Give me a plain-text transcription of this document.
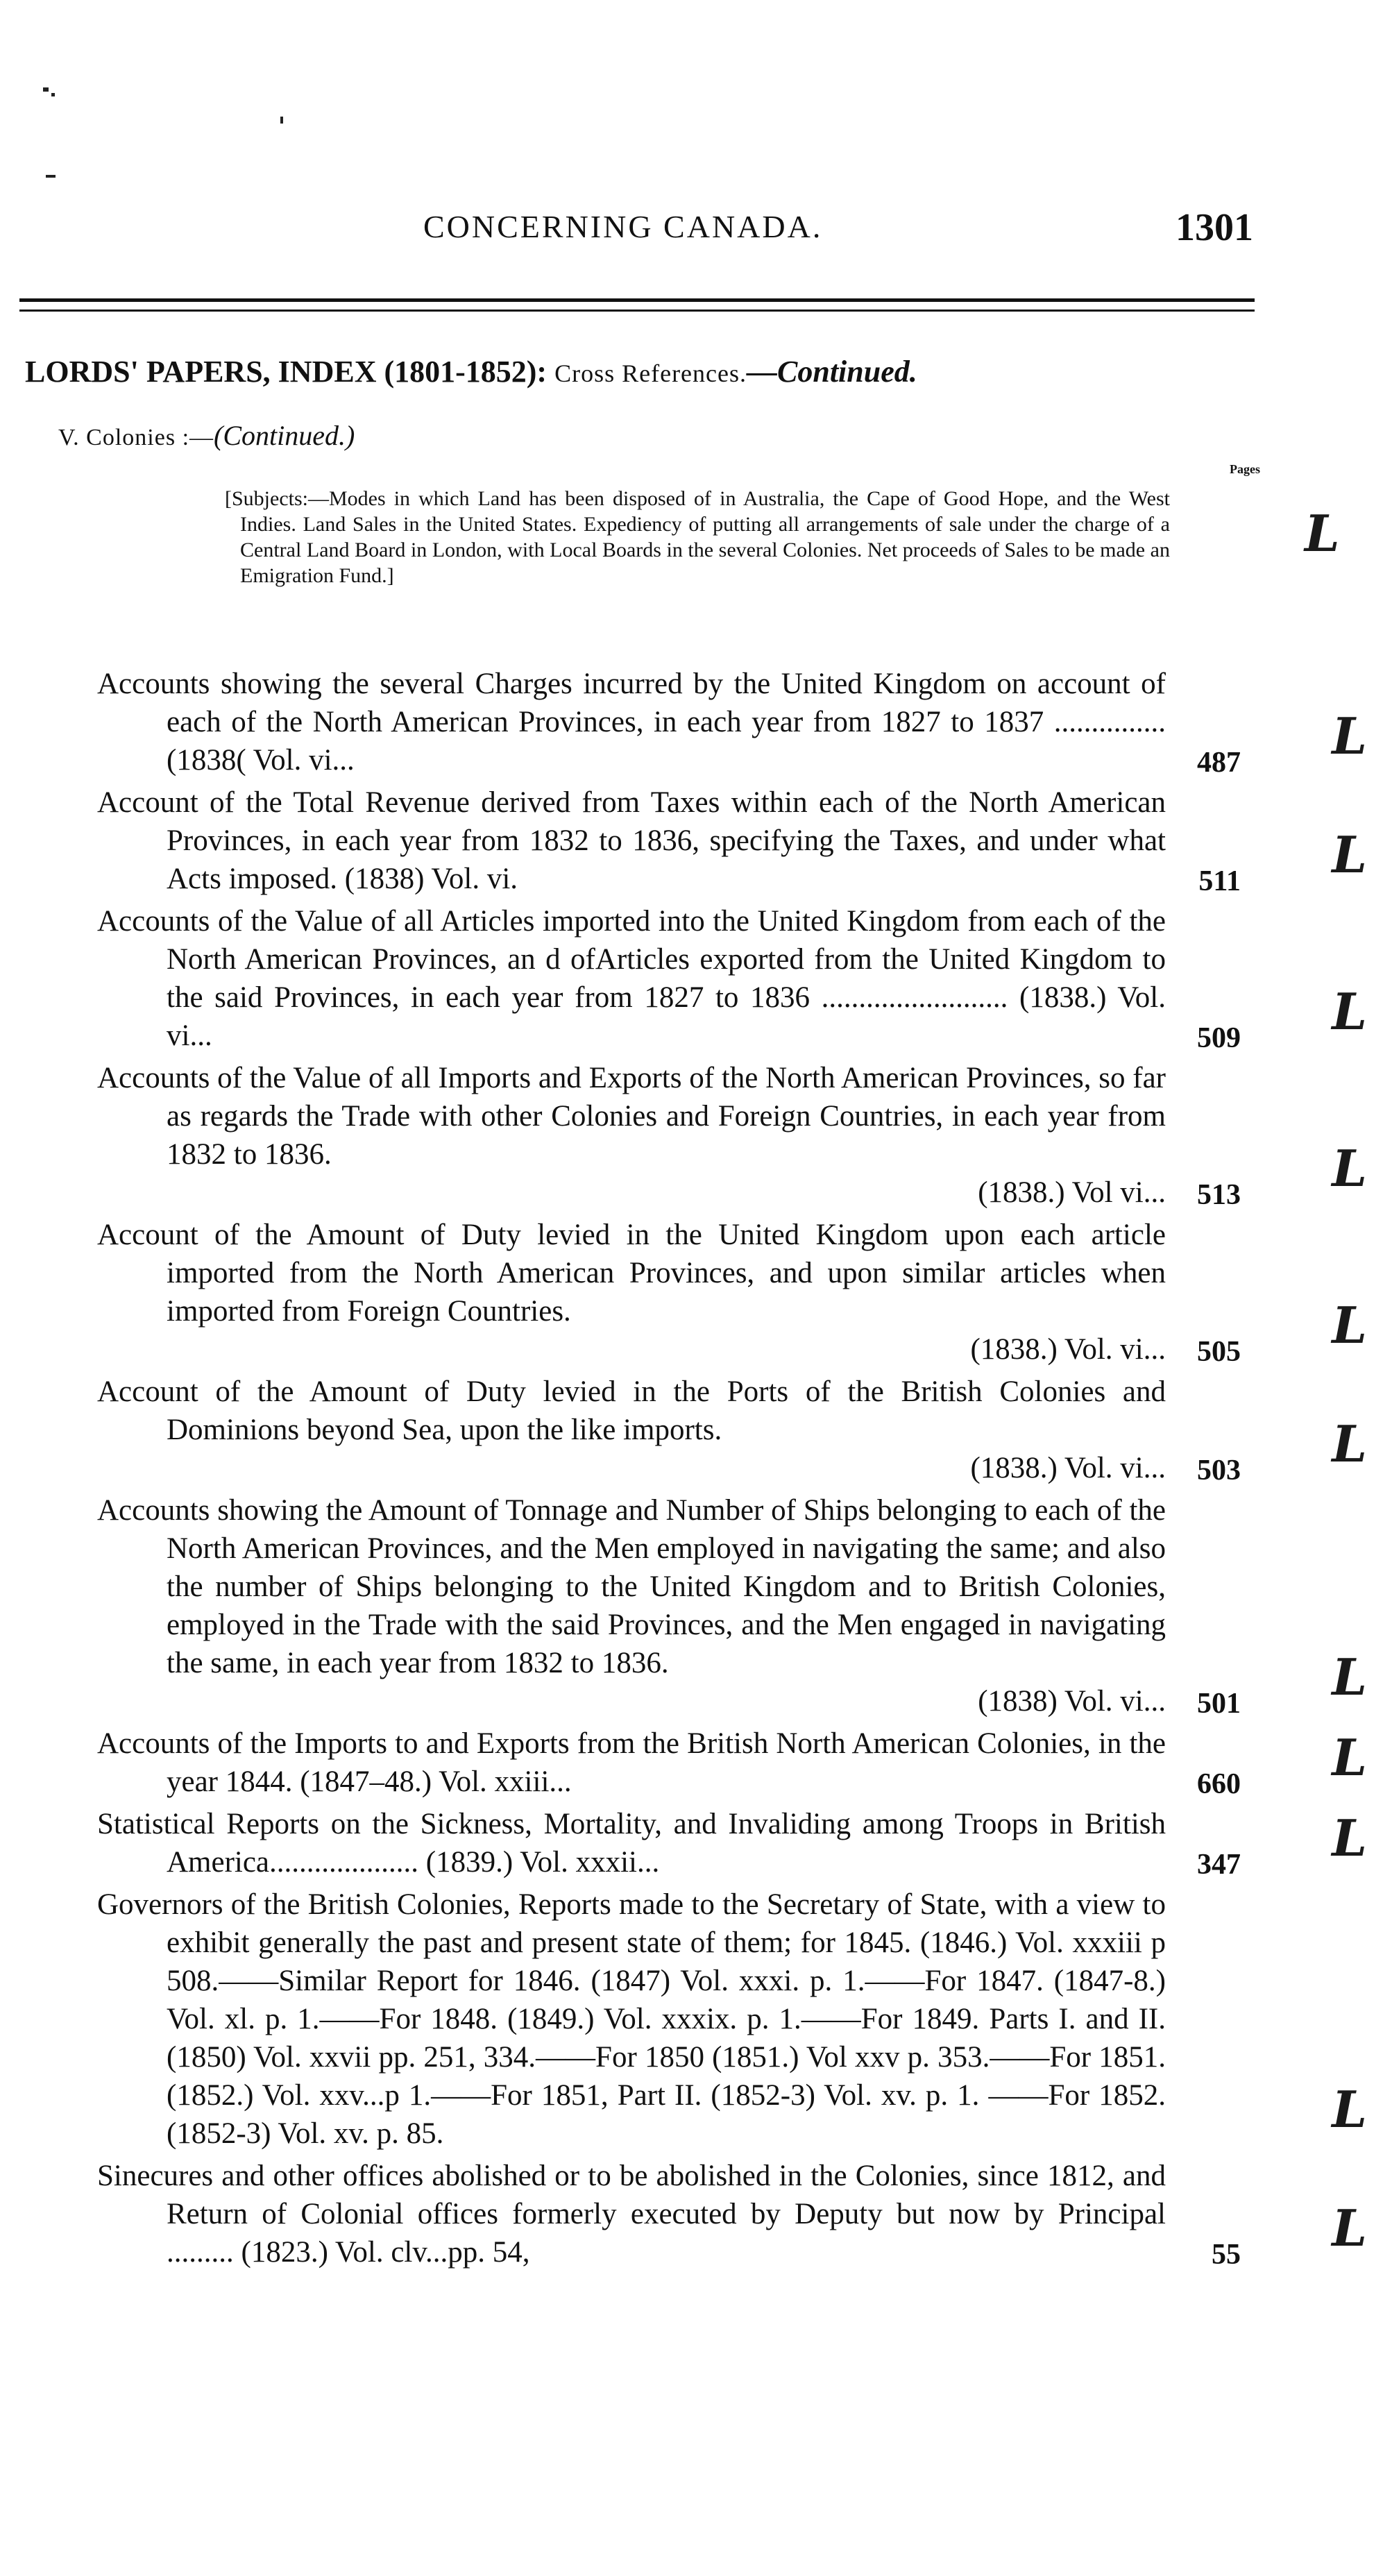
CONCERNING CANADA.	1301
LORDS' PAPERS, INDEX (1801-1852): Cross References.—Continued.
V. Colonies :—(Continued.)
Pages
[Subjects:—Modes in which Land has been disposed of in Australia, the Cape of Good Hope, and the West Indies. Land Sales in the United States. Expediency of putting all arrangements of sale under the charge of a Central Land Board in London, with Local Boards in the several Colonies. Net proceeds of Sales to be made an Emigration Fund.]
L
Accounts showing the several Charges incurred by the United Kingdom on account of each of the North American Provinces, in each year from 1827 to 1837 ............... (1838( Vol. vi...	487 L
Account of the Total Revenue derived from Taxes within each of the North American Provinces, in each year from 1832 to 1836, specifying the Taxes, and under what Acts imposed. (1838) Vol. vi.	511 L
Accounts of the Value of all Articles imported into the United Kingdom from each of the North American Provinces, an d ofArticles exported from the United Kingdom to the said Provinces, in each year from 1827 to 1836 ......................... (1838.) Vol. vi...	509 L
Accounts of the Value of all Imports and Exports of the North American Provinces, so far as regards the Trade with other Colonies and Foreign Countries, in each year from 1832 to 1836.
(1838.) Vol vi... 513 L
Account of the Amount of Duty levied in the United Kingdom upon each article imported from the North American Provinces, and upon similar articles when imported from Foreign Countries.
(1838.) Vol. vi... 505 L
Account of the Amount of Duty levied in the Ports of the British Colonies and Dominions beyond Sea, upon the like imports.
(1838.) Vol. vi... 503 L
Accounts showing the Amount of Tonnage and Number of Ships belonging to each of the North American Provinces, and the Men employed in navigating the same; and also the number of Ships belonging to the United Kingdom and to British Colonies, employed in the Trade with the said Provinces, and the Men engaged in navigating the same, in each year from 1832 to 1836.
(1838) Vol. vi... 501 L
Accounts of the Imports to and Exports from the British North American Colonies, in the year 1844. (1847–48.) Vol. xxiii...	660 L
Statistical Reports on the Sickness, Mortality, and Invaliding among Troops in British America.................... (1839.) Vol. xxxii...	347 L
Governors of the British Colonies, Reports made to the Secretary of State, with a view to exhibit generally the past and present state of them; for 1845. (1846.) Vol. xxxiii p 508.——Similar Report for 1846. (1847) Vol. xxxi. p. 1.——For 1847. (1847-8.) Vol. xl. p. 1.——For 1848. (1849.) Vol. xxxix. p. 1.——For 1849. Parts I. and II. (1850) Vol. xxvii pp. 251, 334.——For 1850 (1851.) Vol xxv p. 353.——For 1851. (1852.) Vol. xxv...p 1.——For 1851, Part II. (1852-3) Vol. xv. p. 1. ——For 1852. (1852-3) Vol. xv. p. 85.	L
Sinecures and other offices abolished or to be abolished in the Colonies, since 1812, and Return of Colonial offices formerly executed by Deputy but now by Principal ......... (1823.) Vol. clv...pp. 54,	55 L
